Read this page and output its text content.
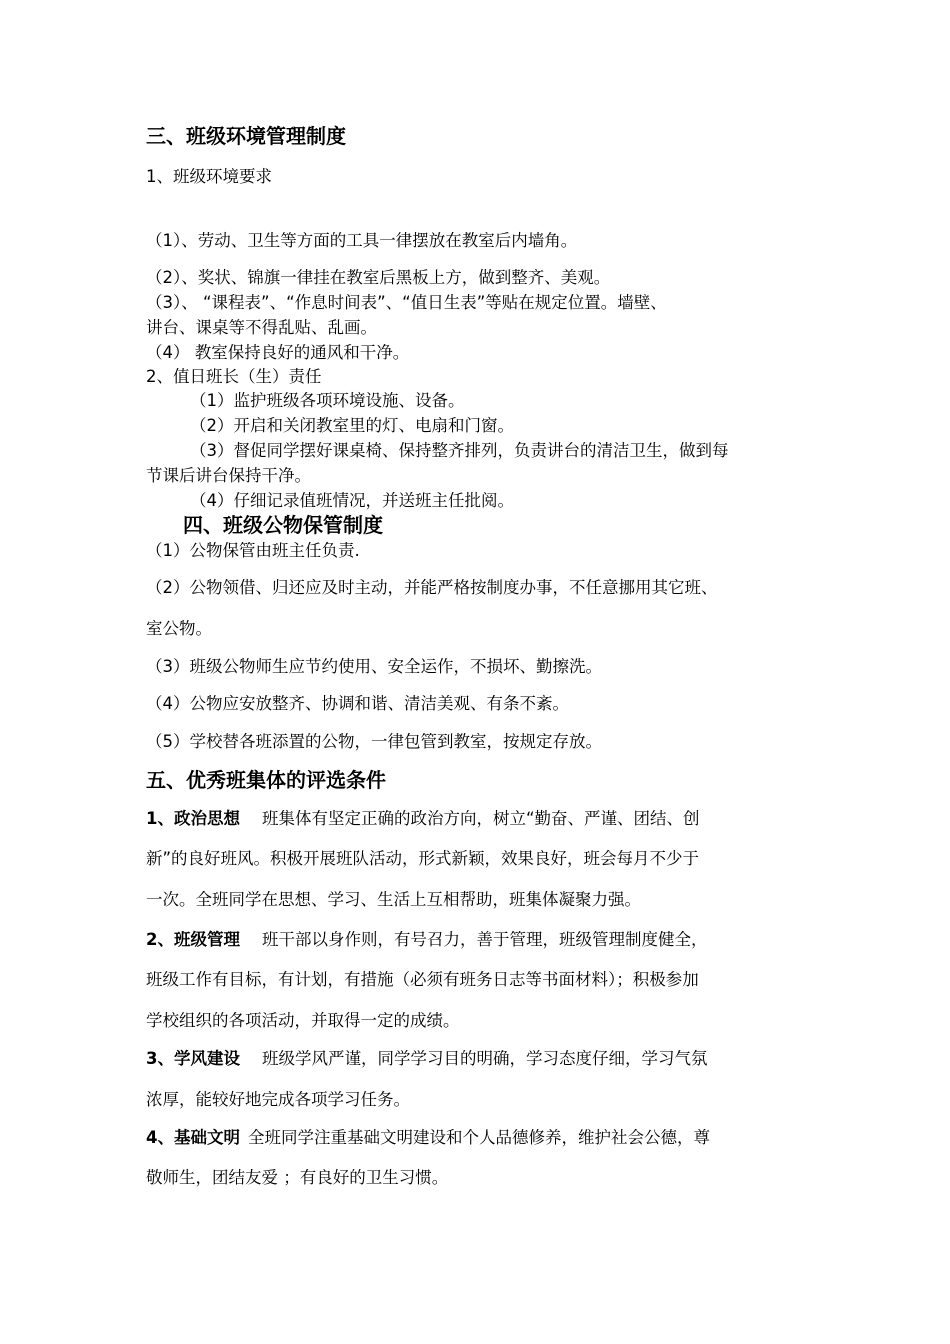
三、班级环境管理制度
1、班级环境要求
（1）、劳动、卫生等方面的工具一律摆放在教室后内墙角。
（2）、奖状、锦旗一律挂在教室后黑板上方，做到整齐、美观。
（3）、 “课程表”、“作息时间表”、“值日生表”等贴在规定位置。墙壁、
讲台、课桌等不得乱贴、乱画。
（4） 教室保持良好的通风和干净。
2、值日班长（生）责任
（1）监护班级各项环境设施、设备。
（2）开启和关闭教室里的灯、电扇和门窗。
（3）督促同学摆好课桌椅、保持整齐排列，负责讲台的清洁卫生，做到每
节课后讲台保持干净。
（4）仔细记录值班情况，并送班主任批阅。
四、班级公物保管制度
（1）公物保管由班主任负责.
（2）公物领借、归还应及时主动，并能严格按制度办事，不任意挪用其它班、
室公物。
（3）班级公物师生应节约使用、安全运作，不损坏、勤擦洗。
（4）公物应安放整齐、协调和谐、清洁美观、有条不紊。
（5）学校替各班添置的公物，一律包管到教室，按规定存放。
五、优秀班集体的评选条件
1、政治思想 班集体有坚定正确的政治方向，树立“勤奋、严谨、团结、创
新”的良好班风。积极开展班队活动，形式新颖，效果良好，班会每月不少于
一次。全班同学在思想、学习、生活上互相帮助，班集体凝聚力强。
2、班级管理 班干部以身作则，有号召力，善于管理，班级管理制度健全，
班级工作有目标，有计划，有措施（必须有班务日志等书面材料）；积极参加
学校组织的各项活动，并取得一定的成绩。
3、学风建设 班级学风严谨，同学学习目的明确，学习态度仔细，学习气氛
浓厚，能较好地完成各项学习任务。
4、基础文明 全班同学注重基础文明建设和个人品德修养，维护社会公德，尊
敬师生，团结友爱 ；有良好的卫生习惯。
